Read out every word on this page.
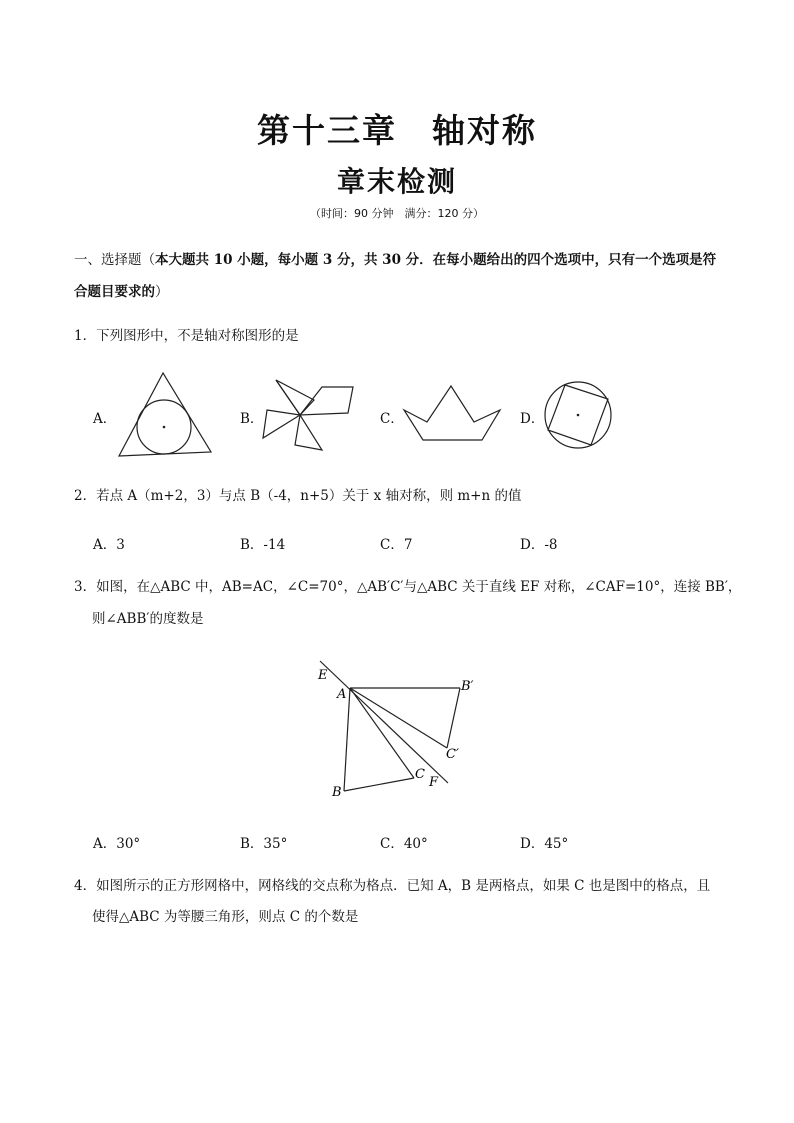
第十三章　轴对称
章末检测
（时间：90 分钟　满分：120 分）
一、选择题（本大题共 10 小题，每小题 3 分，共 30 分．在每小题给出的四个选项中，只有一个选项是符
合题目要求的）
1．下列图形中，不是轴对称图形的是
A．	B．	C．	D．
2．若点 A（m+2，3）与点 B（-4，n+5）关于 x 轴对称，则 m+n 的值
A．3	B．-14	C．7	D．-8
3．如图，在△ABC 中，AB=AC，∠C=70°，△AB′C′与△ABC 关于直线 EF 对称，∠CAF=10°，连接 BB′，
则∠ABB′的度数是
E
A
B′
C′
C
F
B
A．30°	B．35°	C．40°	D．45°
4．如图所示的正方形网格中，网格线的交点称为格点．已知 A，B 是两格点，如果 C 也是图中的格点，且
使得△ABC 为等腰三角形，则点 C 的个数是
